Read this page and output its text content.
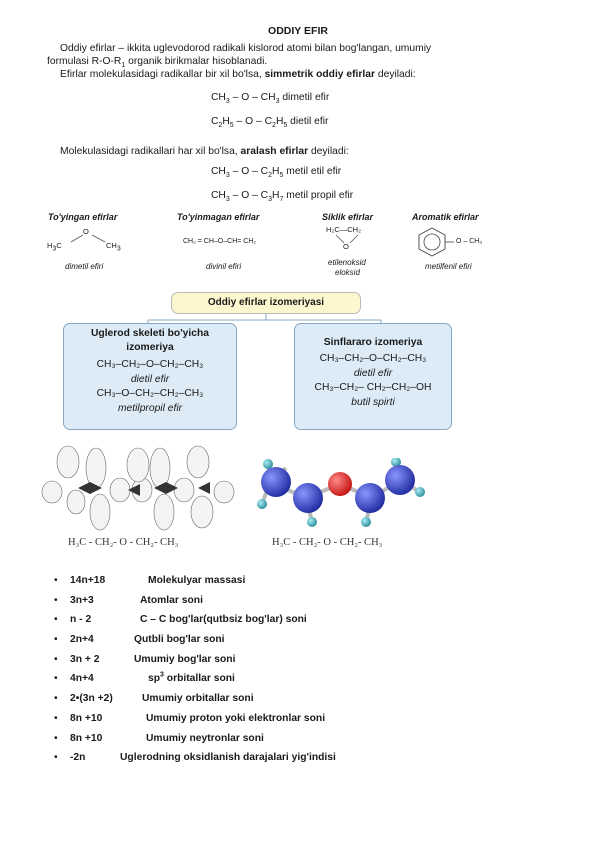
ODDIY EFIR
Oddiy efirlar – ikkita uglevodorod radikali kislorod atomi bilan bog'langan, umumiy
formulasi $R-O-R_1$ organik birikmalar hisoblanadi.
Efirlar molekulasidagi radikallar bir xil bo'lsa, simmetrik oddiy efirlar deyiladi:
$CH_3$ – O – $CH_3$ dimetil efir
$C_2H_5$ – O – $C_2H_5$ dietil efir
Molekulasidagi radikallari har xil bo'lsa, aralash efirlar deyiladi:
$CH_3$ – O – $C_2H_5$ metil etil efir
$CH_3$ – O – $C_3H_7$ metil propil efir
To'yingan efirlar	To'yinmagan efirlar	Siklik efirlar	Aromatik efirlar
O
$H_3C$	$CH_3$
dimetil efiri
CH₂ = CH–O–CH= CH₂
divinil efiri
H₂C—CH₂
O
etilenoksid
eloksid
O – CH₃
metilfenil efiri
Oddiy efirlar izomeriyasi
Uglerod skeleti bo'yicha
izomeriya
CH₃–CH₂–O–CH₂–CH₃
dietil efir
CH₃–O–CH₂–CH₂–CH₃
metilpropil efir
Sinflararo izomeriya
CH₃–CH₂–O–CH₂–CH₃
dietil efir
CH₃–CH₂– CH₂–CH₂–OH
butil spirti
H₃C - CH₂- O - CH₂- CH₃	H₃C - CH₂- O - CH₂- CH₃
• 14n+18	Molekulyar massasi
• 3n+3	Atomlar soni
• n - 2	C – C bog'lar(qutbsiz bog'lar) soni
• 2n+4	Qutbli bog'lar soni
• 3n + 2	Umumiy bog'lar soni
• 4n+4	$sp^3$ orbitallar soni
• 2•(3n +2)	Umumiy orbitallar soni
• 8n +10	Umumiy proton yoki elektronlar soni
• 8n +10	Umumiy neytronlar soni
• -2n	Uglerodning oksidlanish darajalari yig'indisi
